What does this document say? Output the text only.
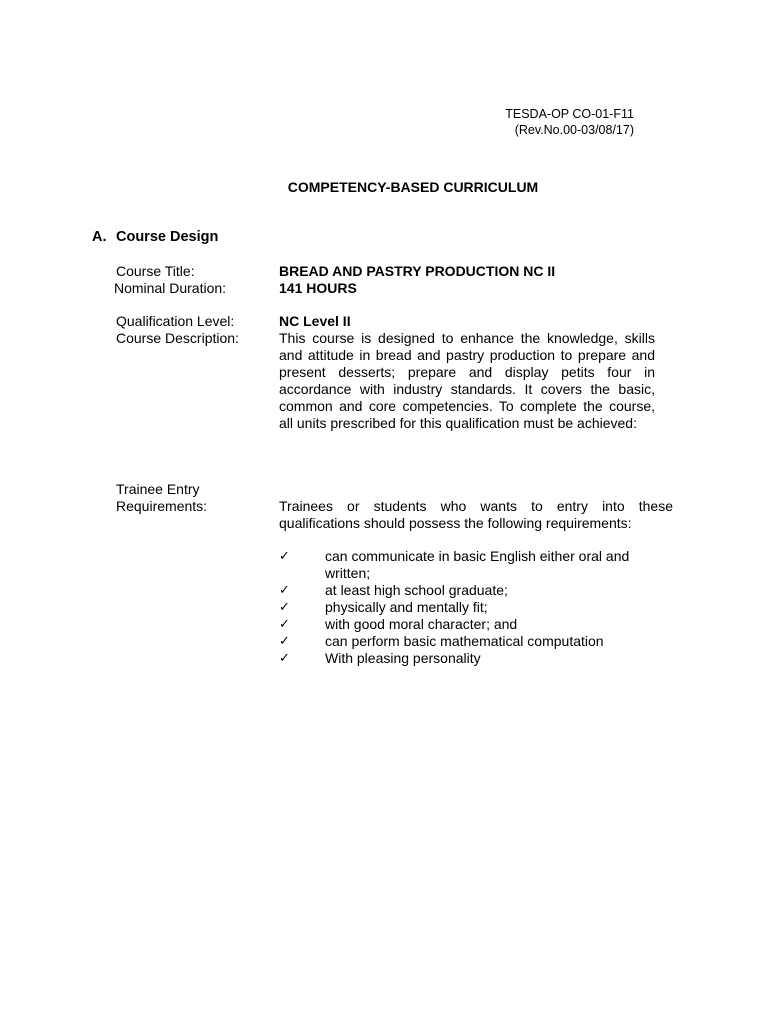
TESDA-OP CO-01-F11
(Rev.No.00-03/08/17)
COMPETENCY-BASED CURRICULUM
A. Course Design
Course Title:	BREAD AND PASTRY PRODUCTION NC II
Nominal Duration:	141 HOURS
Qualification Level:	NC Level II
Course Description:	This course is designed to enhance the knowledge, skills and attitude in bread and pastry production to prepare and present desserts; prepare and display petits four in accordance with industry standards. It covers the basic, common and core competencies. To complete the course, all units prescribed for this qualification must be achieved:
Trainee Entry
Requirements:	Trainees or students who wants to entry into these
qualifications should possess the following requirements:
✓	can communicate in basic English either oral and written;
✓	at least high school graduate;
✓	physically and mentally fit;
✓	with good moral character; and
✓	can perform basic mathematical computation
✓	With pleasing personality
